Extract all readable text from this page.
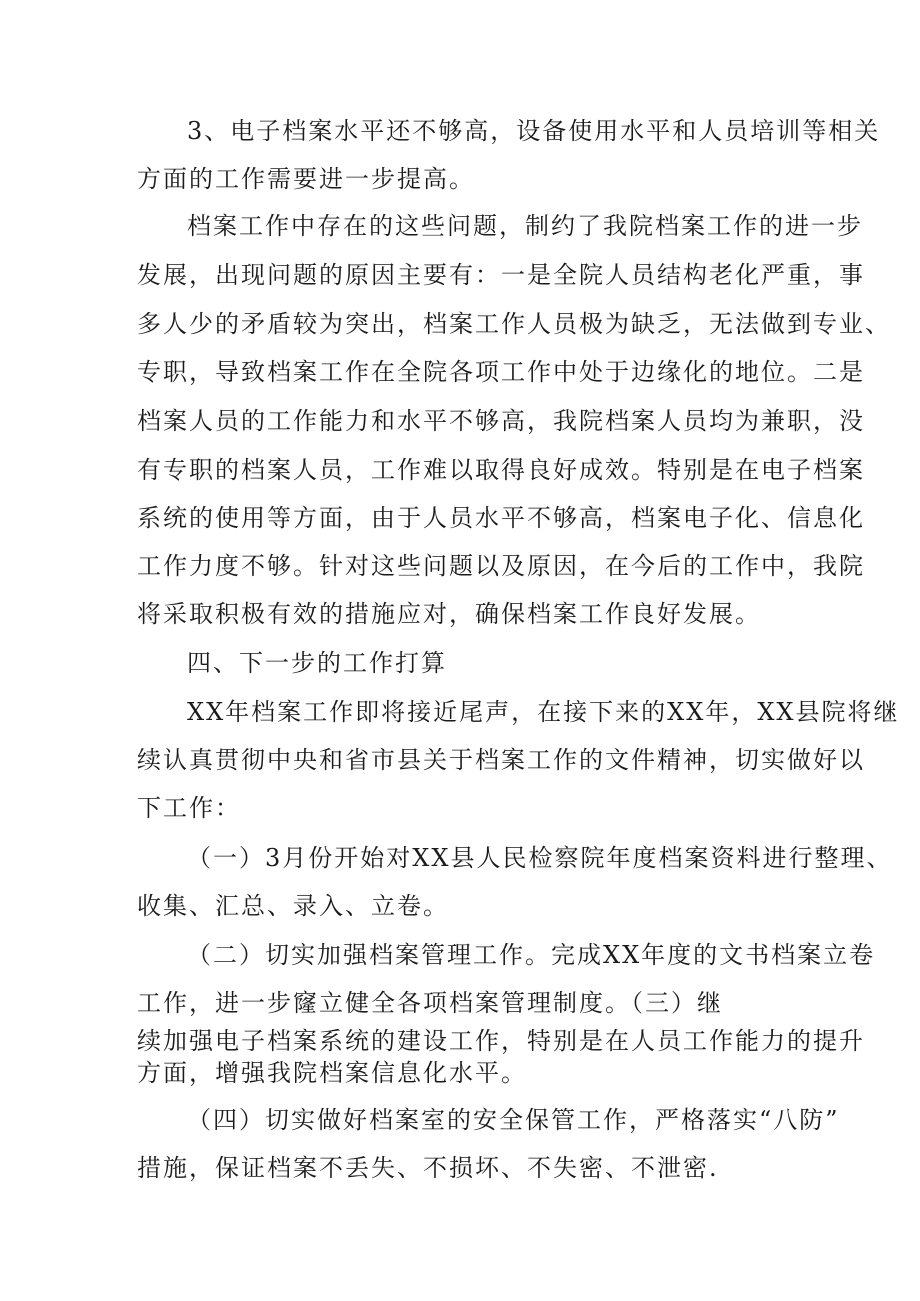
3、电子档案水平还不够高，设备使用水平和人员培训等相关
方面的工作需要进一步提高。
档案工作中存在的这些问题，制约了我院档案工作的进一步
发展，出现问题的原因主要有：一是全院人员结构老化严重，事
多人少的矛盾较为突出，档案工作人员极为缺乏，无法做到专业、
专职，导致档案工作在全院各项工作中处于边缘化的地位。二是
档案人员的工作能力和水平不够高，我院档案人员均为兼职，没
有专职的档案人员，工作难以取得良好成效。特别是在电子档案
系统的使用等方面，由于人员水平不够高，档案电子化、信息化
工作力度不够。针对这些问题以及原因，在今后的工作中，我院
将采取积极有效的措施应对，确保档案工作良好发展。
四、下一步的工作打算
XX年档案工作即将接近尾声，在接下来的XX年，XX县院将继
续认真贯彻中央和省市县关于档案工作的文件精神，切实做好以
下工作：
（一）3月份开始对XX县人民检察院年度档案资料进行整理、
收集、汇总、录入、立卷。
（二）切实加强档案管理工作。完成XX年度的文书档案立卷
工作，进一步窿立健全各项档案管理制度。（三）继
续加强电子档案系统的建设工作，特别是在人员工作能力的提升
方面，增强我院档案信息化水平。
（四）切实做好档案室的安全保管工作，严格落实“八防”
措施，保证档案不丢失、不损坏、不失密、不泄密.
